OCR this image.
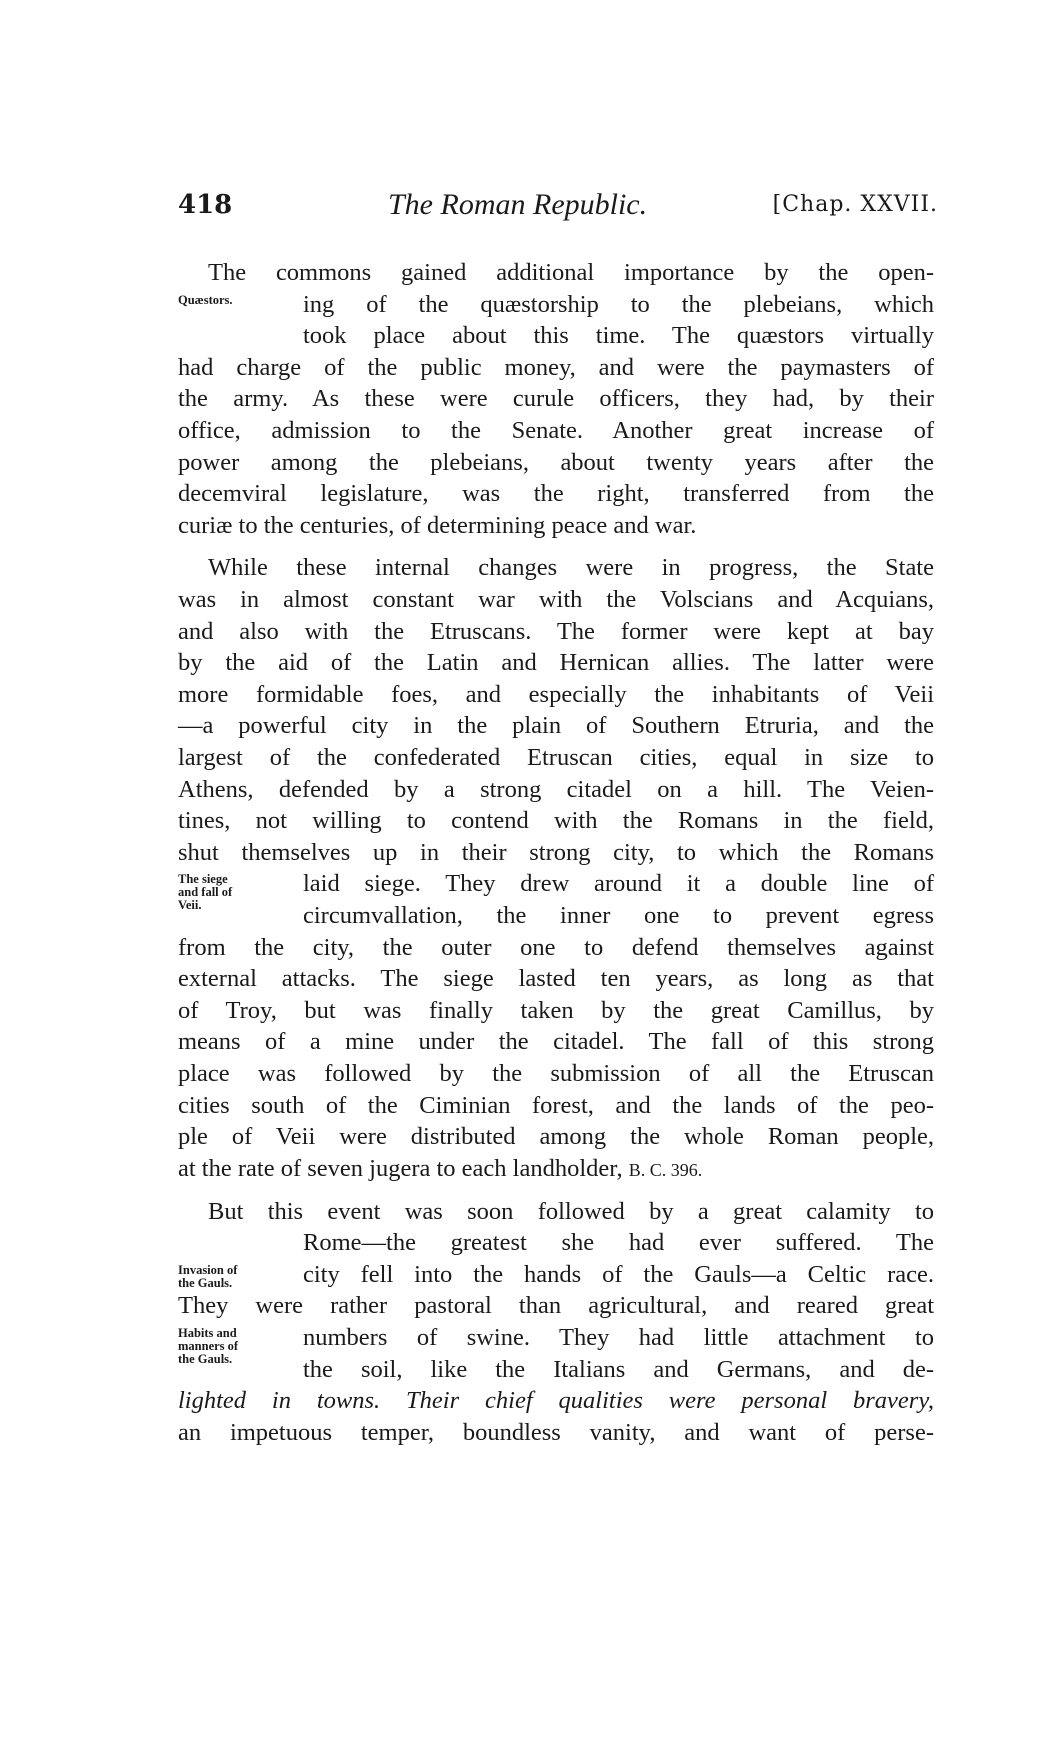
418	The Roman Republic.	[Chap. XXVII.
Quæstors.
The siege
and fall of
Veii.
Invasion of
the Gauls.
Habits and
manners of
the Gauls.
The commons gained additional importance by the open-
ing of the quæstorship to the plebeians, which
took place about this time. The quæstors virtually
had charge of the public money, and were the paymasters of
the army. As these were curule officers, they had, by their
office, admission to the Senate. Another great increase of
power among the plebeians, about twenty years after the
decemviral legislature, was the right, transferred from the
curiæ to the centuries, of determining peace and war.
While these internal changes were in progress, the State
was in almost constant war with the Volscians and Acquians,
and also with the Etruscans. The former were kept at bay
by the aid of the Latin and Hernican allies. The latter were
more formidable foes, and especially the inhabitants of Veii
—a powerful city in the plain of Southern Etruria, and the
largest of the confederated Etruscan cities, equal in size to
Athens, defended by a strong citadel on a hill. The Veien-
tines, not willing to contend with the Romans in the field,
shut themselves up in their strong city, to which the Romans
laid siege. They drew around it a double line of
circumvallation, the inner one to prevent egress
from the city, the outer one to defend themselves against
external attacks. The siege lasted ten years, as long as that
of Troy, but was finally taken by the great Camillus, by
means of a mine under the citadel. The fall of this strong
place was followed by the submission of all the Etruscan
cities south of the Ciminian forest, and the lands of the peo-
ple of Veii were distributed among the whole Roman people,
at the rate of seven jugera to each landholder, B. C. 396.
But this event was soon followed by a great calamity to
Rome—the greatest she had ever suffered. The
city fell into the hands of the Gauls—a Celtic race.
They were rather pastoral than agricultural, and reared great
numbers of swine. They had little attachment to
the soil, like the Italians and Germans, and de-
lighted in towns. Their chief qualities were personal bravery,
an impetuous temper, boundless vanity, and want of perse-
